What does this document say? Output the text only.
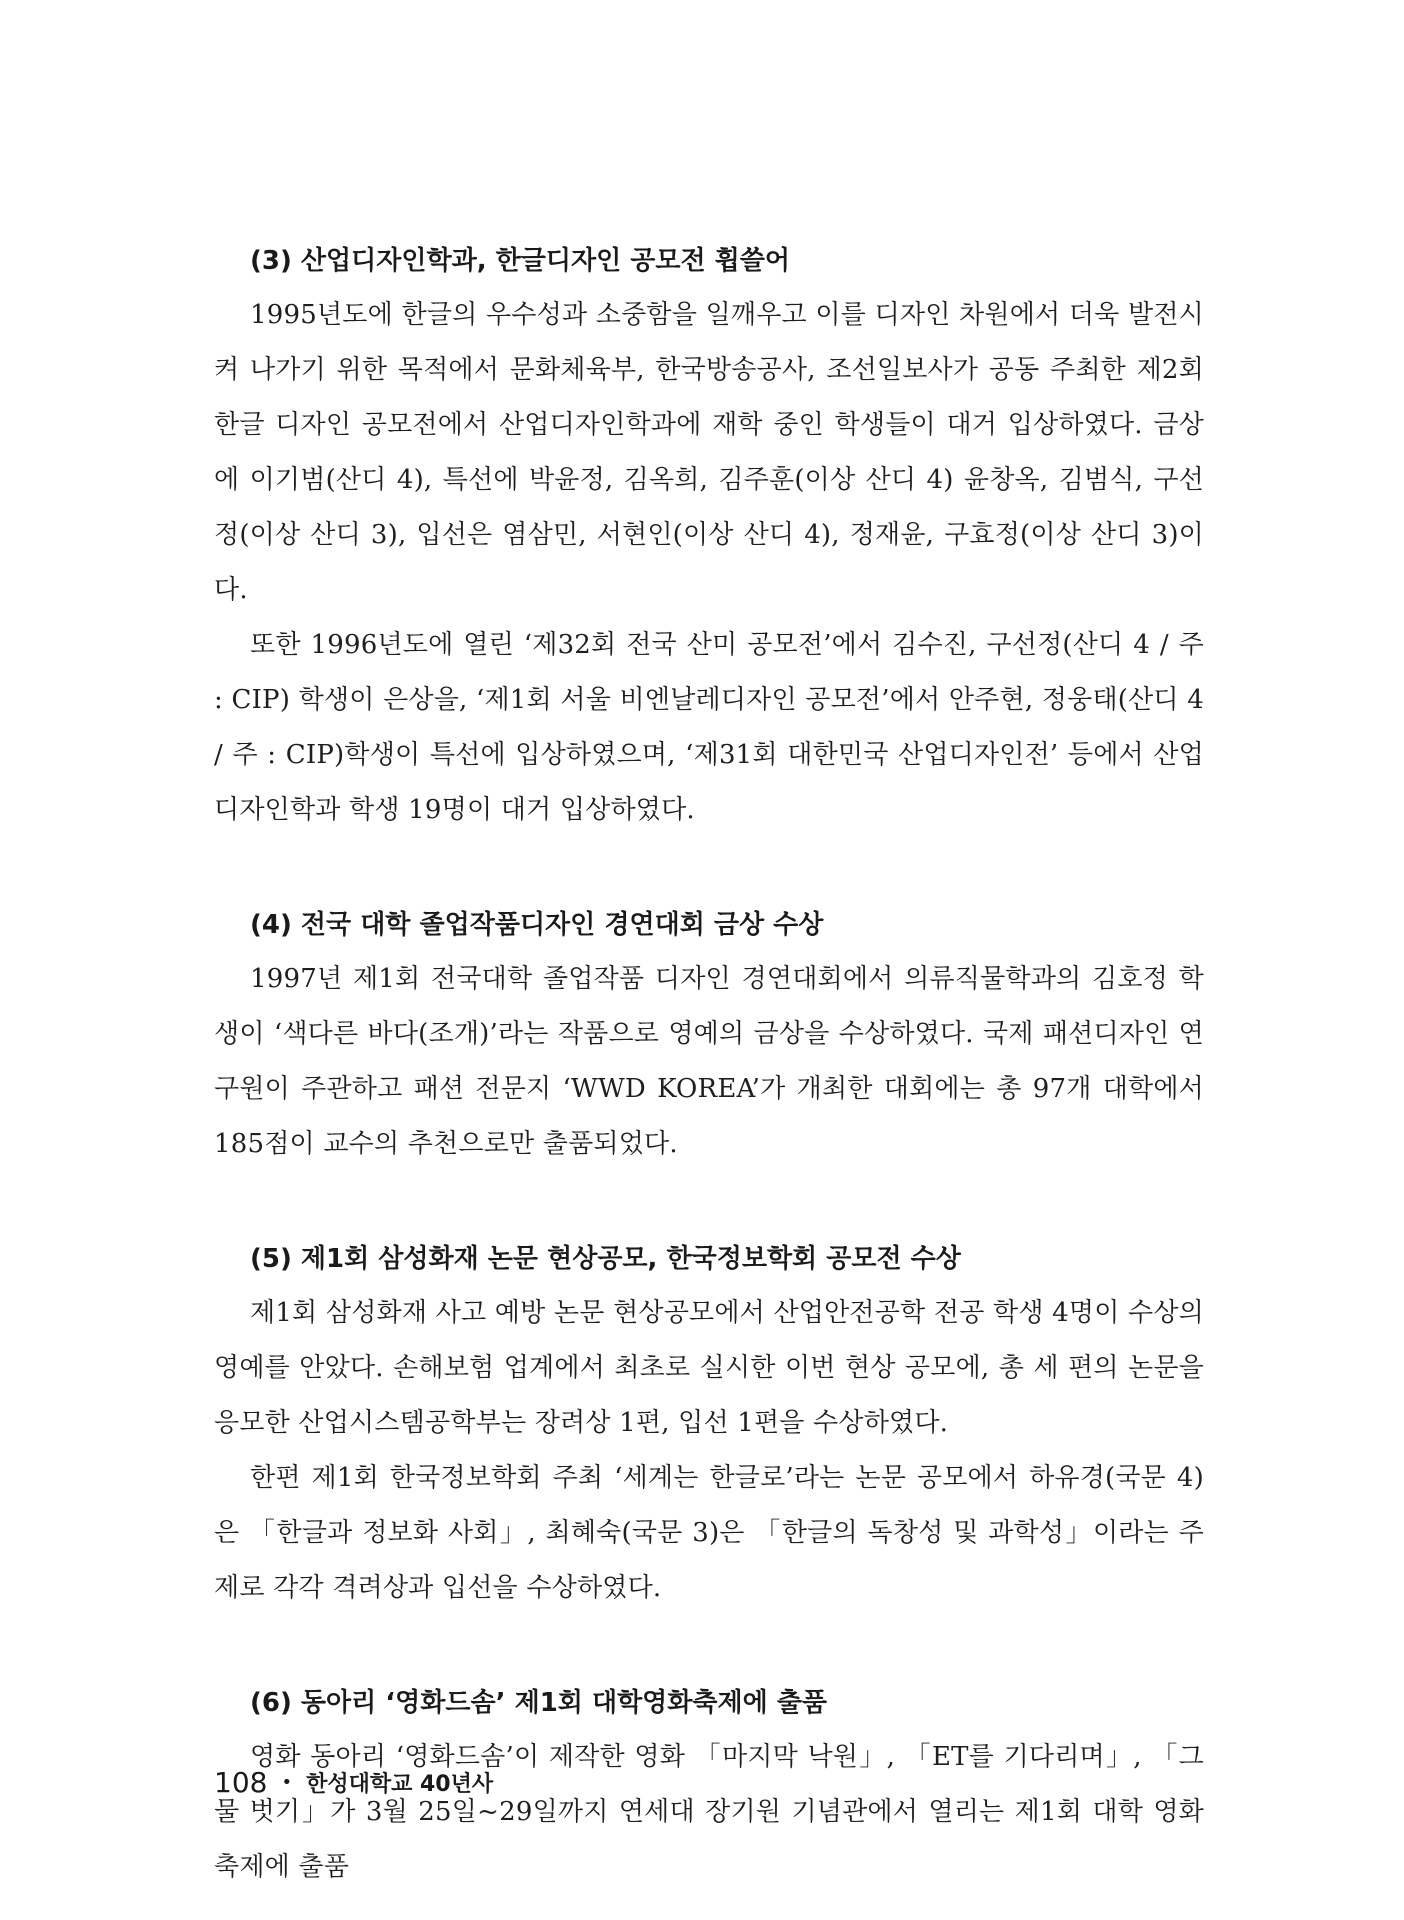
(3) 산업디자인학과, 한글디자인 공모전 휩쓸어

1995년도에 한글의 우수성과 소중함을 일깨우고 이를 디자인 차원에서 더욱 발전시켜 나가기 위한 목적에서 문화체육부, 한국방송공사, 조선일보사가 공동 주최한 제2회 한글 디자인 공모전에서 산업디자인학과에 재학 중인 학생들이 대거 입상하였다. 금상에 이기범(산디 4), 특선에 박윤정, 김옥희, 김주훈(이상 산디 4) 윤창옥, 김범식, 구선정(이상 산디 3), 입선은 염삼민, 서현인(이상 산디 4), 정재윤, 구효정(이상 산디 3)이다.

또한 1996년도에 열린 ‘제32회 전국 산미 공모전’에서 김수진, 구선정(산디 4 / 주 : CIP) 학생이 은상을, ‘제1회 서울 비엔날레디자인 공모전’에서 안주현, 정웅태(산디 4 / 주 : CIP)학생이 특선에 입상하였으며, ‘제31회 대한민국 산업디자인전’ 등에서 산업디자인학과 학생 19명이 대거 입상하였다.

(4) 전국 대학 졸업작품디자인 경연대회 금상 수상

1997년 제1회 전국대학 졸업작품 디자인 경연대회에서 의류직물학과의 김호정 학생이 ‘색다른 바다(조개)’라는 작품으로 영예의 금상을 수상하였다. 국제 패션디자인 연구원이 주관하고 패션 전문지 ‘WWD KOREA’가 개최한 대회에는 총 97개 대학에서 185점이 교수의 추천으로만 출품되었다.

(5) 제1회 삼성화재 논문 현상공모, 한국정보학회 공모전 수상

제1회 삼성화재 사고 예방 논문 현상공모에서 산업안전공학 전공 학생 4명이 수상의 영예를 안았다. 손해보험 업계에서 최초로 실시한 이번 현상 공모에, 총 세 편의 논문을 응모한 산업시스템공학부는 장려상 1편, 입선 1편을 수상하였다.

한편 제1회 한국정보학회 주최 ‘세계는 한글로’라는 논문 공모에서 하유경(국문 4)은 「한글과 정보화 사회」, 최혜숙(국문 3)은 「한글의 독창성 및 과학성」이라는 주제로 각각 격려상과 입선을 수상하였다.

(6) 동아리 ‘영화드솜’ 제1회 대학영화축제에 출품

영화 동아리 ‘영화드솜’이 제작한 영화 「마지막 낙원」, 「ET를 기다리며」, 「그물 벗기」가 3월 25일~29일까지 연세대 장기원 기념관에서 열리는 제1회 대학 영화축제에 출품

108 • 한성대학교 40년사
